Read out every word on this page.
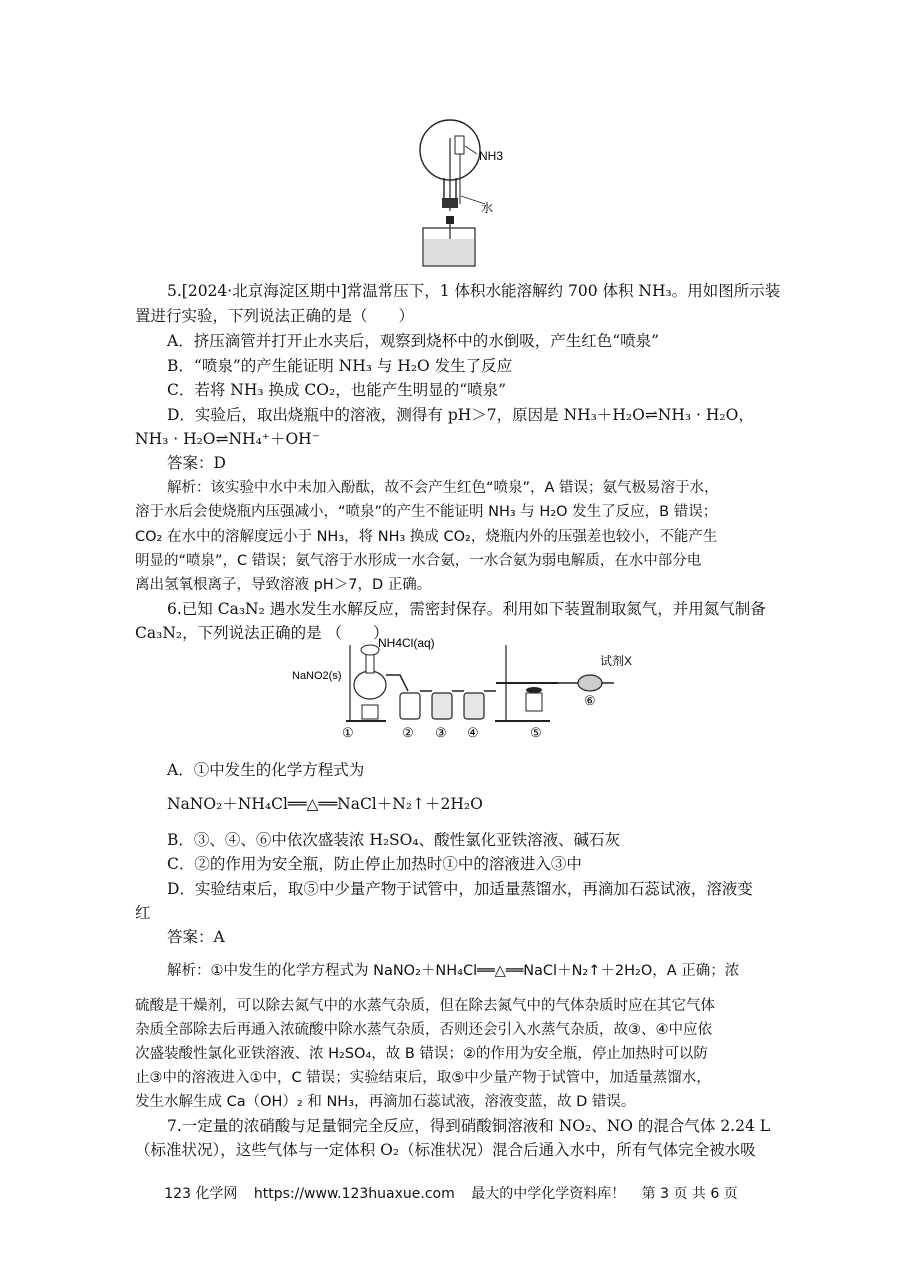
NH3
水
NH4Cl(aq)
NaNO2(s)
试剂X
①	② ③ ④	⑤
⑥
5.[2024·北京海淀区期中]常温常压下，1 体积水能溶解约 700 体积 NH₃。用如图所示装
置进行实验，下列说法正确的是（　　）
A．挤压滴管并打开止水夹后，观察到烧杯中的水倒吸，产生红色“喷泉”
B．“喷泉”的产生能证明 NH₃ 与 H₂O 发生了反应
C．若将 NH₃ 换成 CO₂，也能产生明显的“喷泉”
D．实验后，取出烧瓶中的溶液，测得有 pH＞7，原因是 NH₃＋H₂O⇌NH₃ · H₂O，
NH₃ · H₂O⇌NH₄⁺＋OH⁻
答案：D
解析：该实验中水中未加入酚酞，故不会产生红色“喷泉”，A 错误；氨气极易溶于水，
溶于水后会使烧瓶内压强减小，“喷泉”的产生不能证明 NH₃ 与 H₂O 发生了反应，B 错误；
CO₂ 在水中的溶解度远小于 NH₃，将 NH₃ 换成 CO₂，烧瓶内外的压强差也较小，不能产生
明显的“喷泉”，C 错误；氨气溶于水形成一水合氨，一水合氨为弱电解质，在水中部分电
离出氢氧根离子，导致溶液 pH＞7，D 正确。
6.已知 Ca₃N₂ 遇水发生水解反应，需密封保存。利用如下装置制取氮气，并用氮气制备
Ca₃N₂，下列说法正确的是 （　　）
A．①中发生的化学方程式为
NaNO₂＋NH₄Cl══△══NaCl＋N₂↑＋2H₂O
B．③、④、⑥中依次盛装浓 H₂SO₄、酸性氯化亚铁溶液、碱石灰
C．②的作用为安全瓶，防止停止加热时①中的溶液进入③中
D．实验结束后，取⑤中少量产物于试管中，加适量蒸馏水，再滴加石蕊试液，溶液变
红
答案：A
解析：①中发生的化学方程式为 NaNO₂＋NH₄Cl══△══NaCl＋N₂↑＋2H₂O，A 正确；浓
硫酸是干燥剂，可以除去氮气中的水蒸气杂质，但在除去氮气中的气体杂质时应在其它气体
杂质全部除去后再通入浓硫酸中除水蒸气杂质，否则还会引入水蒸气杂质，故③、④中应依
次盛装酸性氯化亚铁溶液、浓 H₂SO₄，故 B 错误；②的作用为安全瓶，停止加热时可以防
止③中的溶液进入①中，C 错误；实验结束后，取⑤中少量产物于试管中，加适量蒸馏水，
发生水解生成 Ca（OH）₂ 和 NH₃，再滴加石蕊试液，溶液变蓝，故 D 错误。
7.一定量的浓硝酸与足量铜完全反应，得到硝酸铜溶液和 NO₂、NO 的混合气体 2.24 L
（标准状况），这些气体与一定体积 O₂（标准状况）混合后通入水中，所有气体完全被水吸
123 化学网 https://www.123huaxue.com 最大的中学化学资料库！ 第 3 页 共 6 页
